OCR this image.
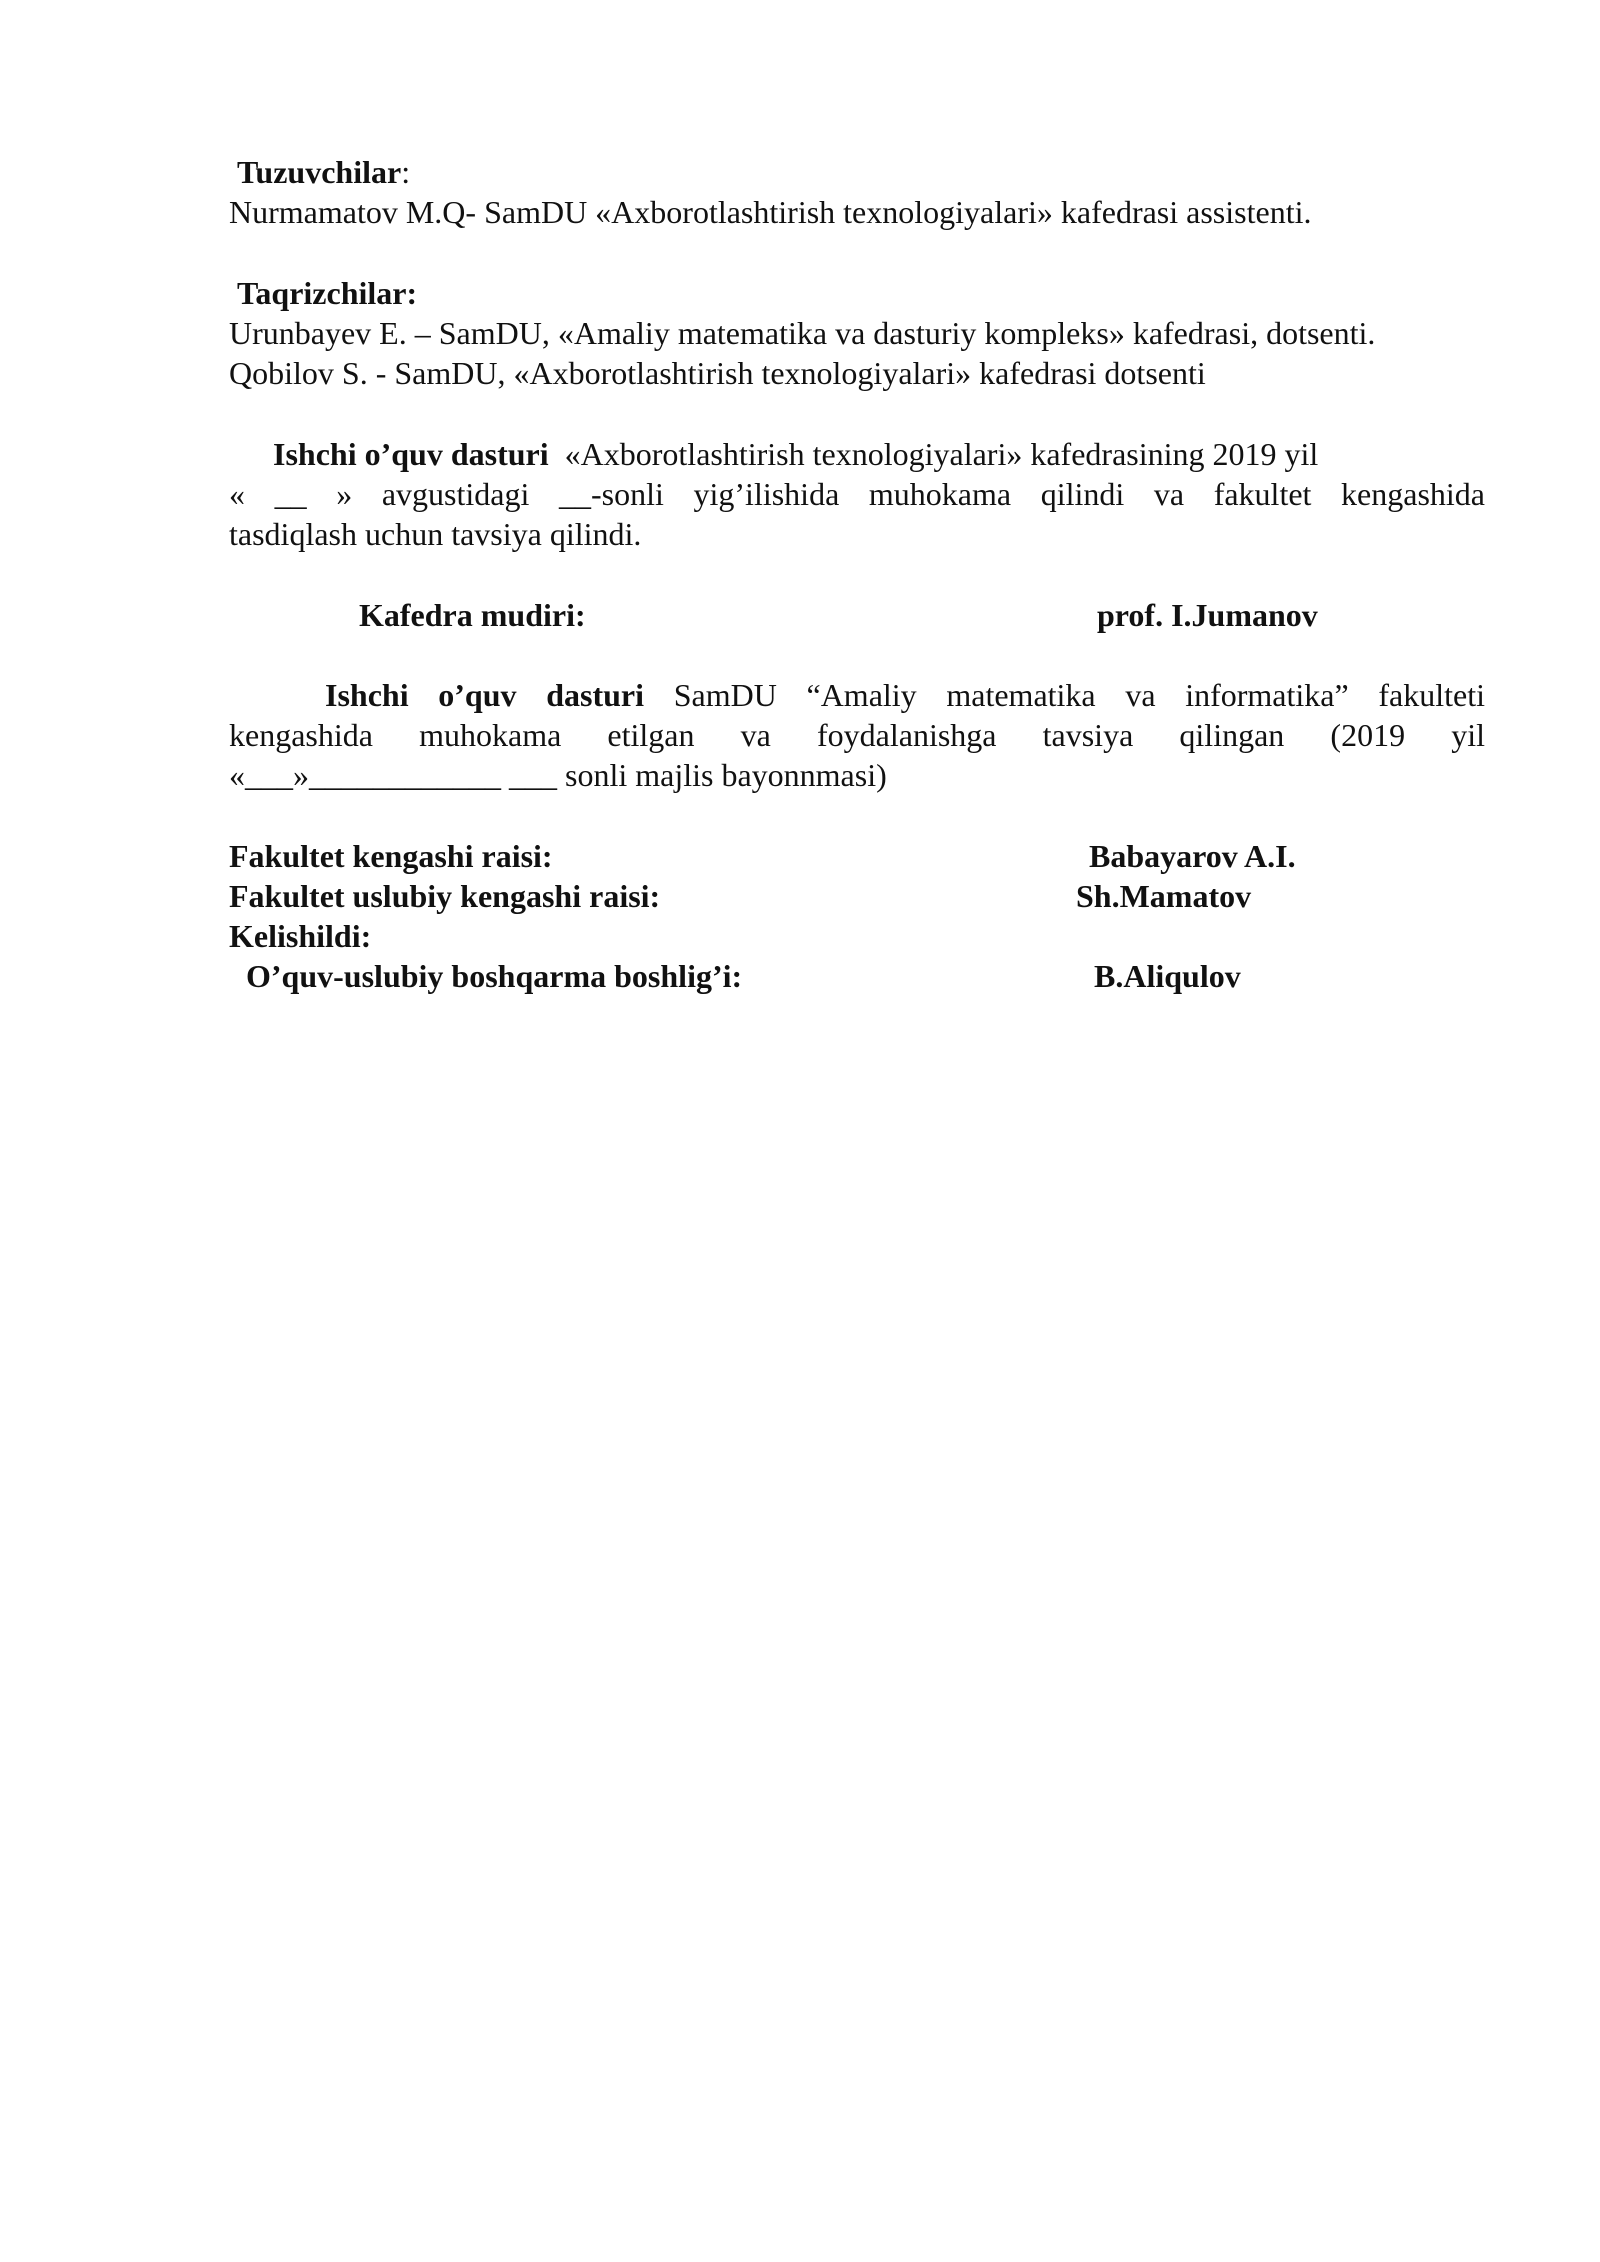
Tuzuvchilar:
Nurmamatov M.Q- SamDU «Axborotlashtirish texnologiyalari» kafedrasi assistenti.
Taqrizchilar:
Urunbayev E. – SamDU, «Amaliy matematika va dasturiy kompleks» kafedrasi, dotsenti.
Qobilov S. - SamDU, «Axborotlashtirish texnologiyalari» kafedrasi dotsenti
Ishchi o’quv dasturi «Axborotlashtirish texnologiyalari» kafedrasining 2019 yil
« __ » avgustidagi __-sonli yig’ilishida muhokama qilindi va fakultet kengashida
tasdiqlash uchun tavsiya qilindi.
Kafedra mudiri:	prof. I.Jumanov
Ishchi o’quv dasturi SamDU “Amaliy matematika va informatika” fakulteti
kengashida muhokama etilgan va foydalanishga tavsiya qilingan (2019 yil
«___»____________ ___ sonli majlis bayonnmasi)
Fakultet kengashi raisi:	Babayarov A.I.
Fakultet uslubiy kengashi raisi:	Sh.Mamatov
Kelishildi:
O’quv-uslubiy boshqarma boshlig’i:	B.Aliqulov
